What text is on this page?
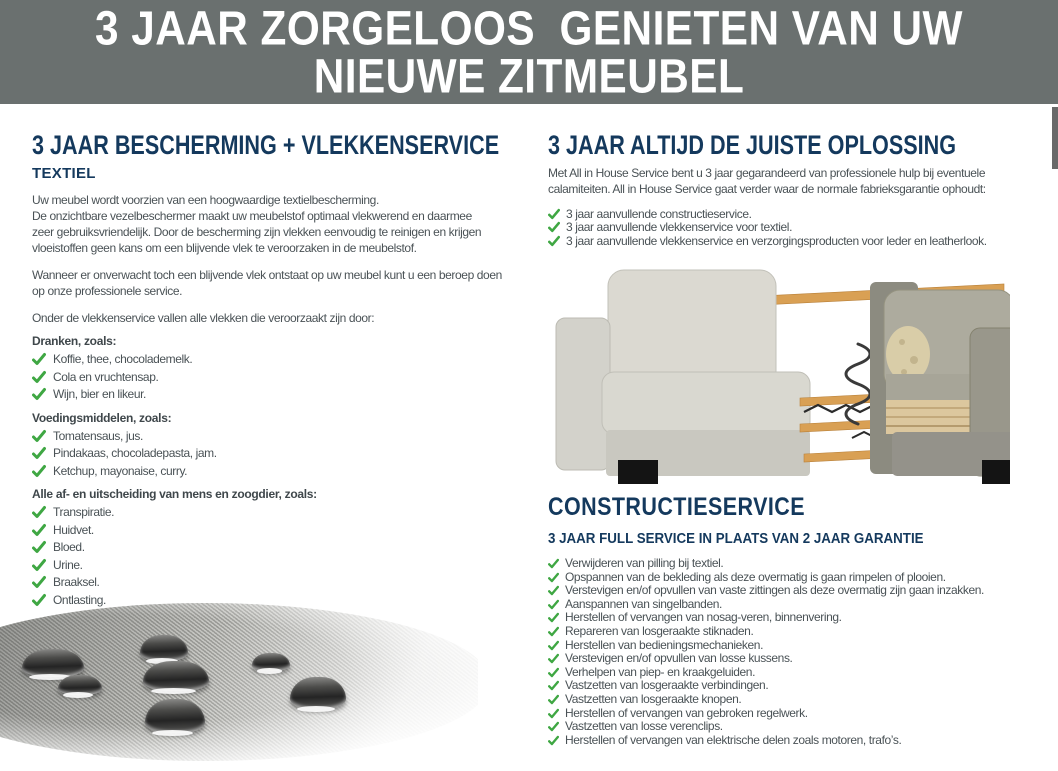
3 JAAR ZORGELOOS  GENIETEN VAN UW
NIEUWE ZITMEUBEL
3 JAAR BESCHERMING + VLEKKENSERVICE
TEXTIEL
Uw meubel wordt voorzien van een hoogwaardige textielbescherming.
De onzichtbare vezelbeschermer maakt uw meubelstof optimaal vlekwerend en daarmee
zeer gebruiksvriendelijk. Door de bescherming zijn vlekken eenvoudig te reinigen en krijgen
vloeistoffen geen kans om een blijvende vlek te veroorzaken in de meubelstof.
Wanneer er onverwacht toch een blijvende vlek ontstaat op uw meubel kunt u een beroep doen
op onze professionele service.
Onder de vlekkenservice vallen alle vlekken die veroorzaakt zijn door:
Dranken, zoals:
Koffie, thee, chocolademelk.
Cola en vruchtensap.
Wijn, bier en likeur.
Voedingsmiddelen, zoals:
Tomatensaus, jus.
Pindakaas, chocoladepasta, jam.
Ketchup, mayonaise, curry.
Alle af- en uitscheiding van mens en zoogdier, zoals:
Transpiratie.
Huidvet.
Bloed.
Urine.
Braaksel.
Ontlasting.
3 JAAR ALTIJD DE JUISTE OPLOSSING
Met All in House Service bent u 3 jaar gegarandeerd van professionele hulp bij eventuele
calamiteiten. All in House Service gaat verder waar de normale fabrieksgarantie ophoudt:
3 jaar aanvullende constructieservice.
3 jaar aanvullende vlekkenservice voor textiel.
3 jaar aanvullende vlekkenservice en verzorgingsproducten voor leder en leatherlook.
CONSTRUCTIESERVICE
3 JAAR FULL SERVICE IN PLAATS VAN 2 JAAR GARANTIE
Verwijderen van pilling bij textiel.
Opspannen van de bekleding als deze overmatig is gaan rimpelen of plooien.
Verstevigen en/of opvullen van vaste zittingen als deze overmatig zijn gaan inzakken.
Aanspannen van singelbanden.
Herstellen of vervangen van nosag-veren, binnenvering.
Repareren van losgeraakte stiknaden.
Herstellen van bedieningsmechanieken.
Verstevigen en/of opvullen van losse kussens.
Verhelpen van piep- en kraakgeluiden.
Vastzetten van losgeraakte verbindingen.
Vastzetten van losgeraakte knopen.
Herstellen of vervangen van gebroken regelwerk.
Vastzetten van losse verenclips.
Herstellen of vervangen van elektrische delen zoals motoren, trafo’s.
